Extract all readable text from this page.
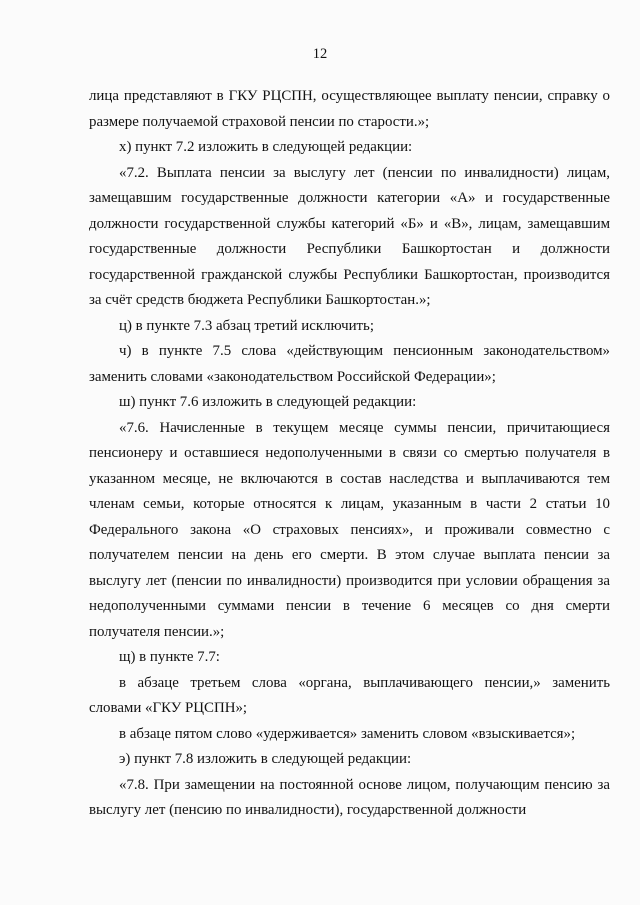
12

лица представляют в ГКУ РЦСПН, осуществляющее выплату пенсии, справку о размере получаемой страховой пенсии по старости.»;

х) пункт 7.2 изложить в следующей редакции:

«7.2. Выплата пенсии за выслугу лет (пенсии по инвалидности) лицам, замещавшим государственные должности категории «А» и государственные должности государственной службы категорий «Б» и «В», лицам, замещавшим государственные должности Республики Башкортостан и должности государственной гражданской службы Республики Башкортостан, производится за счёт средств бюджета Республики Башкортостан.»;

ц) в пункте 7.3 абзац третий исключить;

ч) в пункте 7.5 слова «действующим пенсионным законодательством» заменить словами «законодательством Российской Федерации»;

ш) пункт 7.6 изложить в следующей редакции:

«7.6. Начисленные в текущем месяце суммы пенсии, причитающиеся пенсионеру и оставшиеся недополученными в связи со смертью получателя в указанном месяце, не включаются в состав наследства и выплачиваются тем членам семьи, которые относятся к лицам, указанным в части 2 статьи 10 Федерального закона «О страховых пенсиях», и проживали совместно с получателем пенсии на день его смерти. В этом случае выплата пенсии за выслугу лет (пенсии по инвалидности) производится при условии обращения за недополученными суммами пенсии в течение 6 месяцев со дня смерти получателя пенсии.»;

щ) в пункте 7.7:

в абзаце третьем слова «органа, выплачивающего пенсии,» заменить словами «ГКУ РЦСПН»;

в абзаце пятом слово «удерживается» заменить словом «взыскивается»;

э) пункт 7.8 изложить в следующей редакции:

«7.8. При замещении на постоянной основе лицом, получающим пенсию за выслугу лет (пенсию по инвалидности), государственной должности
